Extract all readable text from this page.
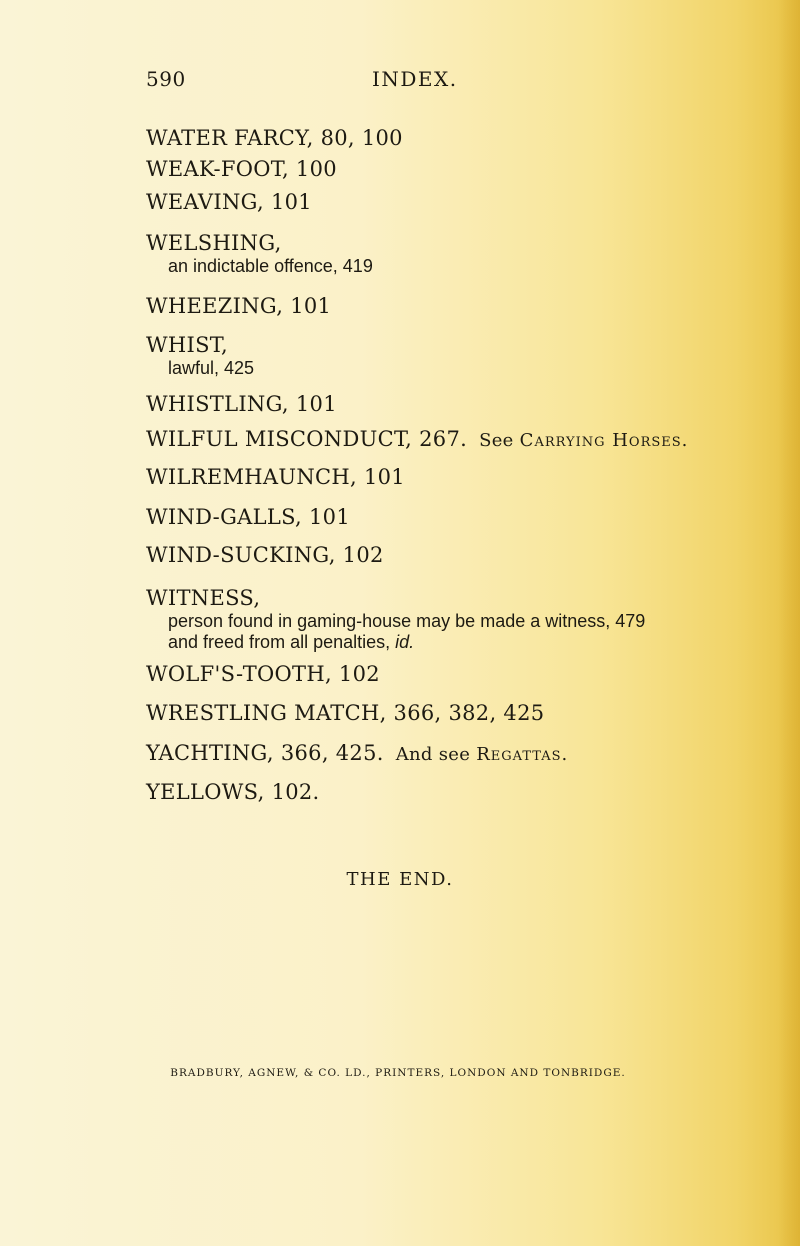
590	INDEX.
WATER FARCY, 80, 100
WEAK-FOOT, 100
WEAVING, 101
WELSHING,
an indictable offence, 419
WHEEZING, 101
WHIST,
lawful, 425
WHISTLING, 101
WILFUL MISCONDUCT, 267. See Carrying Horses.
WILREMHAUNCH, 101
WIND-GALLS, 101
WIND-SUCKING, 102
WITNESS,
person found in gaming-house may be made a witness, 479
and freed from all penalties, id.
WOLF'S-TOOTH, 102
WRESTLING MATCH, 366, 382, 425
YACHTING, 366, 425. And see Regattas.
YELLOWS, 102.
THE END.
BRADBURY, AGNEW, & CO. LD., PRINTERS, LONDON AND TONBRIDGE.
